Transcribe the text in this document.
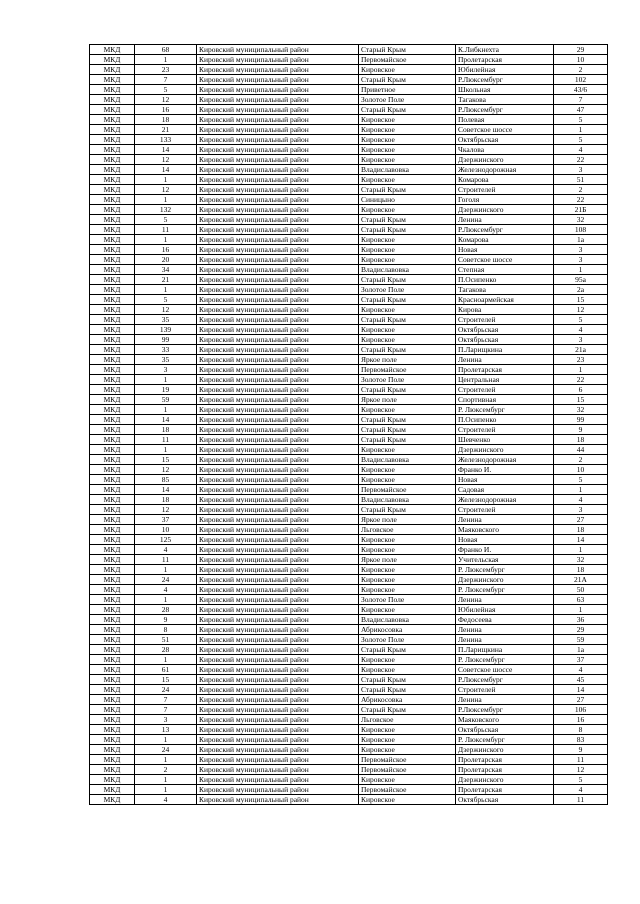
МКД	68	Кировский муниципальный район	Старый Крым	К.Либкнехта	29
МКД	1	Кировский муниципальный район	Первомайское	Пролетарская	10
МКД	23	Кировский муниципальный район	Кировское	Юбилейная	2
МКД	7	Кировский муниципальный район	Старый Крым	Р.Люксембург	102
МКД	5	Кировский муниципальный район	Приветное	Школьная	43/6
МКД	12	Кировский муниципальный район	Золотое Поле	Тагакова	7
МКД	16	Кировский муниципальный район	Старый Крым	Р.Люксембург	47
МКД	18	Кировский муниципальный район	Кировское	Полевая	5
МКД	21	Кировский муниципальный район	Кировское	Советское шоссе	1
МКД	133	Кировский муниципальный район	Кировское	Октябрьская	5
МКД	14	Кировский муниципальный район	Кировское	Чкалова	4
МКД	12	Кировский муниципальный район	Кировское	Дзержинского	22
МКД	14	Кировский муниципальный район	Владиславовка	Железнодорожная	3
МКД	1	Кировский муниципальный район	Кировское	Комарова	51
МКД	12	Кировский муниципальный район	Старый Крым	Строителей	2
МКД	1	Кировский муниципальный район	Синицыно	Гоголя	22
МКД	132	Кировский муниципальный район	Кировское	Дзержинского	21Б
МКД	5	Кировский муниципальный район	Старый Крым	Ленина	32
МКД	11	Кировский муниципальный район	Старый Крым	Р.Люксембург	108
МКД	1	Кировский муниципальный район	Кировское	Комарова	1а
МКД	16	Кировский муниципальный район	Кировское	Новая	3
МКД	20	Кировский муниципальный район	Кировское	Советское шоссе	3
МКД	34	Кировский муниципальный район	Владиславовка	Степная	1
МКД	21	Кировский муниципальный район	Старый Крым	П.Осипенко	95а
МКД	1	Кировский муниципальный район	Золотое Поле	Тагакова	2а
МКД	5	Кировский муниципальный район	Старый Крым	Красноармейская	15
МКД	12	Кировский муниципальный район	Кировское	Кирова	12
МКД	35	Кировский муниципальный район	Старый Крым	Строителей	5
МКД	139	Кировский муниципальный район	Кировское	Октябрьская	4
МКД	99	Кировский муниципальный район	Кировское	Октябрьская	3
МКД	33	Кировский муниципальный район	Старый Крым	П.Ларищкина	21а
МКД	35	Кировский муниципальный район	Яркое поле	Ленина	23
МКД	3	Кировский муниципальный район	Первомайское	Пролетарская	1
МКД	1	Кировский муниципальный район	Золотое Поле	Центральная	22
МКД	19	Кировский муниципальный район	Старый Крым	Строителей	6
МКД	59	Кировский муниципальный район	Яркое поле	Спортивная	15
МКД	1	Кировский муниципальный район	Кировское	Р. Люксембург	32
МКД	14	Кировский муниципальный район	Старый Крым	П.Осипенко	99
МКД	18	Кировский муниципальный район	Старый Крым	Строителей	9
МКД	11	Кировский муниципальный район	Старый Крым	Шевченко	18
МКД	1	Кировский муниципальный район	Кировское	Дзержинского	44
МКД	15	Кировский муниципальный район	Владиславовка	Железнодорожная	2
МКД	12	Кировский муниципальный район	Кировское	Франко И.	10
МКД	85	Кировский муниципальный район	Кировское	Новая	5
МКД	14	Кировский муниципальный район	Первомайское	Садовая	1
МКД	18	Кировский муниципальный район	Владиславовка	Железнодорожная	4
МКД	12	Кировский муниципальный район	Старый Крым	Строителей	3
МКД	37	Кировский муниципальный район	Яркое поле	Ленина	27
МКД	10	Кировский муниципальный район	Льговское	Маяковского	18
МКД	125	Кировский муниципальный район	Кировское	Новая	14
МКД	4	Кировский муниципальный район	Кировское	Франко И.	1
МКД	11	Кировский муниципальный район	Яркое поле	Учительская	32
МКД	1	Кировский муниципальный район	Кировское	Р. Люксембург	18
МКД	24	Кировский муниципальный район	Кировское	Дзержинского	21А
МКД	4	Кировский муниципальный район	Кировское	Р. Люксембург	50
МКД	1	Кировский муниципальный район	Золотое Поле	Ленина	63
МКД	28	Кировский муниципальный район	Кировское	Юбилейная	1
МКД	9	Кировский муниципальный район	Владиславовка	Федосеева	36
МКД	8	Кировский муниципальный район	Абрикосовка	Ленина	29
МКД	51	Кировский муниципальный район	Золотое Поле	Ленина	59
МКД	28	Кировский муниципальный район	Старый Крым	П.Ларищкина	1а
МКД	1	Кировский муниципальный район	Кировское	Р. Люксембург	37
МКД	61	Кировский муниципальный район	Кировское	Советское шоссе	4
МКД	15	Кировский муниципальный район	Старый Крым	Р.Люксембург	45
МКД	24	Кировский муниципальный район	Старый Крым	Строителей	14
МКД	7	Кировский муниципальный район	Абрикосовка	Ленина	27
МКД	7	Кировский муниципальный район	Старый Крым	Р.Люксембург	106
МКД	3	Кировский муниципальный район	Льговское	Маяковского	16
МКД	13	Кировский муниципальный район	Кировское	Октябрьская	8
МКД	1	Кировский муниципальный район	Кировское	Р. Люксембург	83
МКД	24	Кировский муниципальный район	Кировское	Дзержинского	9
МКД	1	Кировский муниципальный район	Первомайское	Пролетарская	11
МКД	2	Кировский муниципальный район	Первомайское	Пролетарская	12
МКД	1	Кировский муниципальный район	Кировское	Дзержинского	5
МКД	1	Кировский муниципальный район	Первомайское	Пролетарская	4
МКД	4	Кировский муниципальный район	Кировское	Октябрьская	11
